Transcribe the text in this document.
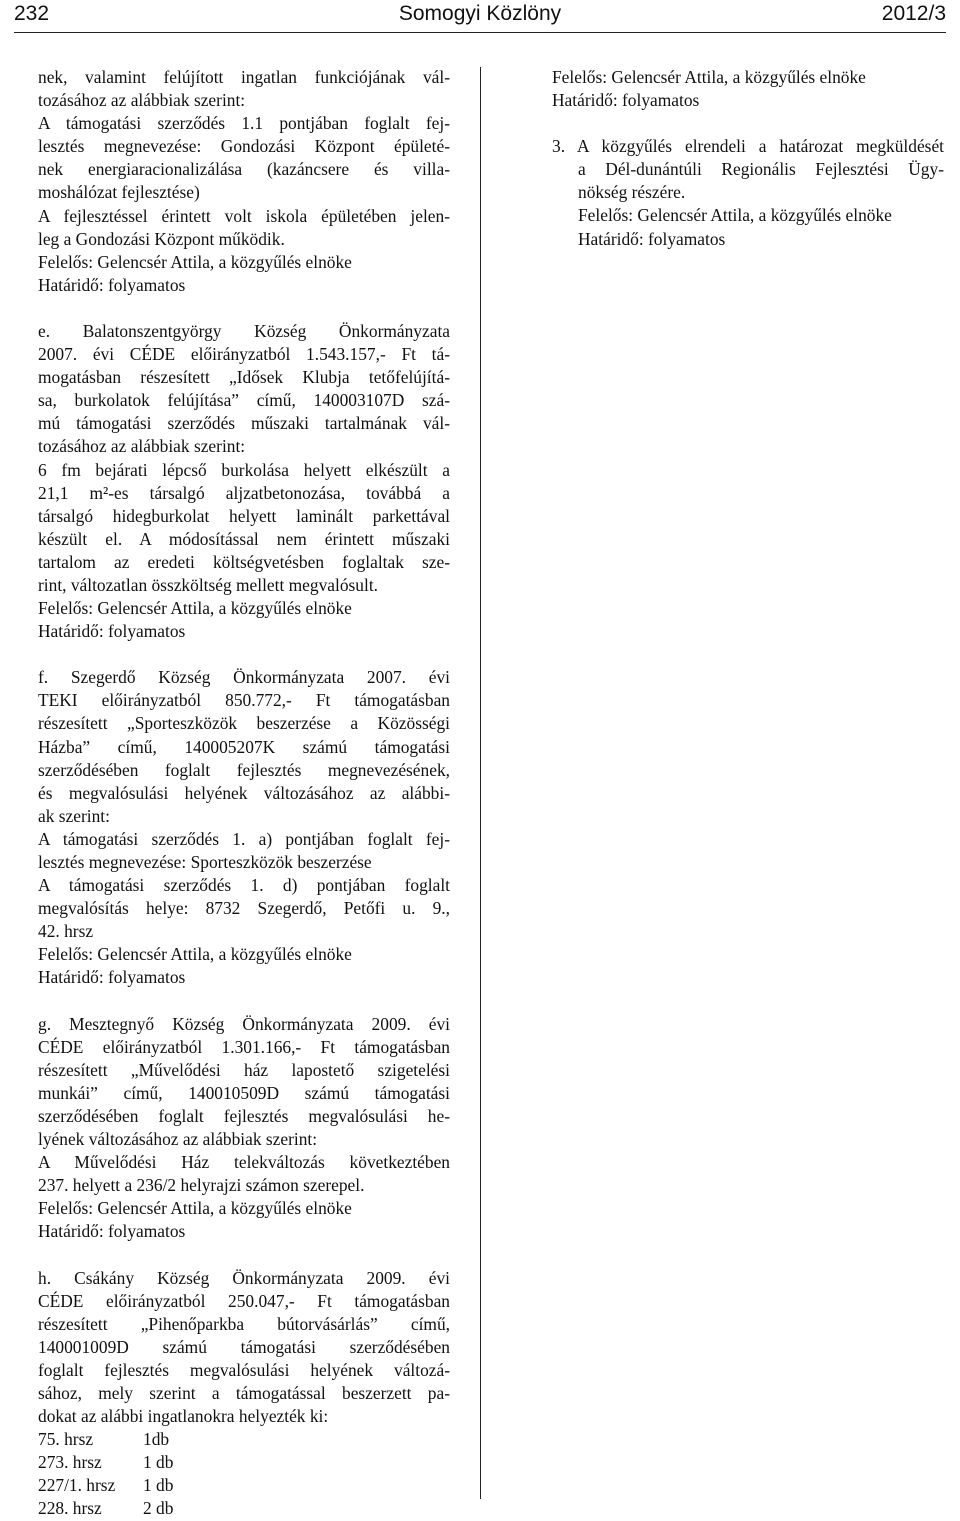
232	Somogyi Közlöny	2012/3
nek, valamint felújított ingatlan funkciójának vál-
tozásához az alábbiak szerint:
A támogatási szerződés 1.1 pontjában foglalt fej-
lesztés megnevezése: Gondozási Központ épületé-
nek energiaracionalizálása (kazáncsere és villa-
moshálózat fejlesztése)
A fejlesztéssel érintett volt iskola épületében jelen-
leg a Gondozási Központ működik.
Felelős: Gelencsér Attila, a közgyűlés elnöke
Határidő: folyamatos
e. Balatonszentgyörgy Község Önkormányzata
2007. évi CÉDE előirányzatból 1.543.157,- Ft tá-
mogatásban részesített „Idősek Klubja tetőfelújítá-
sa, burkolatok felújítása” című, 140003107D szá-
mú támogatási szerződés műszaki tartalmának vál-
tozásához az alábbiak szerint:
6 fm bejárati lépcső burkolása helyett elkészült a
21,1 m²-es társalgó aljzatbetonozása, továbbá a
társalgó hidegburkolat helyett laminált parkettával
készült el. A módosítással nem érintett műszaki
tartalom az eredeti költségvetésben foglaltak sze-
rint, változatlan összköltség mellett megvalósult.
Felelős: Gelencsér Attila, a közgyűlés elnöke
Határidő: folyamatos
f. Szegerdő Község Önkormányzata 2007. évi
TEKI előirányzatból 850.772,- Ft támogatásban
részesített „Sporteszközök beszerzése a Közösségi
Házba” című, 140005207K számú támogatási
szerződésében foglalt fejlesztés megnevezésének,
és megvalósulási helyének változásához az alábbi-
ak szerint:
A támogatási szerződés 1. a) pontjában foglalt fej-
lesztés megnevezése: Sporteszközök beszerzése
A támogatási szerződés 1. d) pontjában foglalt
megvalósítás helye: 8732 Szegerdő, Petőfi u. 9.,
42. hrsz
Felelős: Gelencsér Attila, a közgyűlés elnöke
Határidő: folyamatos
g. Mesztegnyő Község Önkormányzata 2009. évi
CÉDE előirányzatból 1.301.166,- Ft támogatásban
részesített „Művelődési ház lapostető szigetelési
munkái” című, 140010509D számú támogatási
szerződésében foglalt fejlesztés megvalósulási he-
lyének változásához az alábbiak szerint:
A Művelődési Ház telekváltozás következtében
237. helyett a 236/2 helyrajzi számon szerepel.
Felelős: Gelencsér Attila, a közgyűlés elnöke
Határidő: folyamatos
h. Csákány Község Önkormányzata 2009. évi
CÉDE előirányzatból 250.047,- Ft támogatásban
részesített „Pihenőparkba bútorvásárlás” című,
140001009D számú támogatási szerződésében
foglalt fejlesztés megvalósulási helyének változá-
sához, mely szerint a támogatással beszerzett pa-
dokat az alábbi ingatlanokra helyezték ki:
75. hrsz	1db
273. hrsz 1 db
227/1. hrsz 1 db
228. hrsz 2 db
Felelős: Gelencsér Attila, a közgyűlés elnöke
Határidő: folyamatos
3. A közgyűlés elrendeli a határozat megküldését
a Dél-dunántúli Regionális Fejlesztési Ügy-
nökség részére.
Felelős: Gelencsér Attila, a közgyűlés elnöke
Határidő: folyamatos
